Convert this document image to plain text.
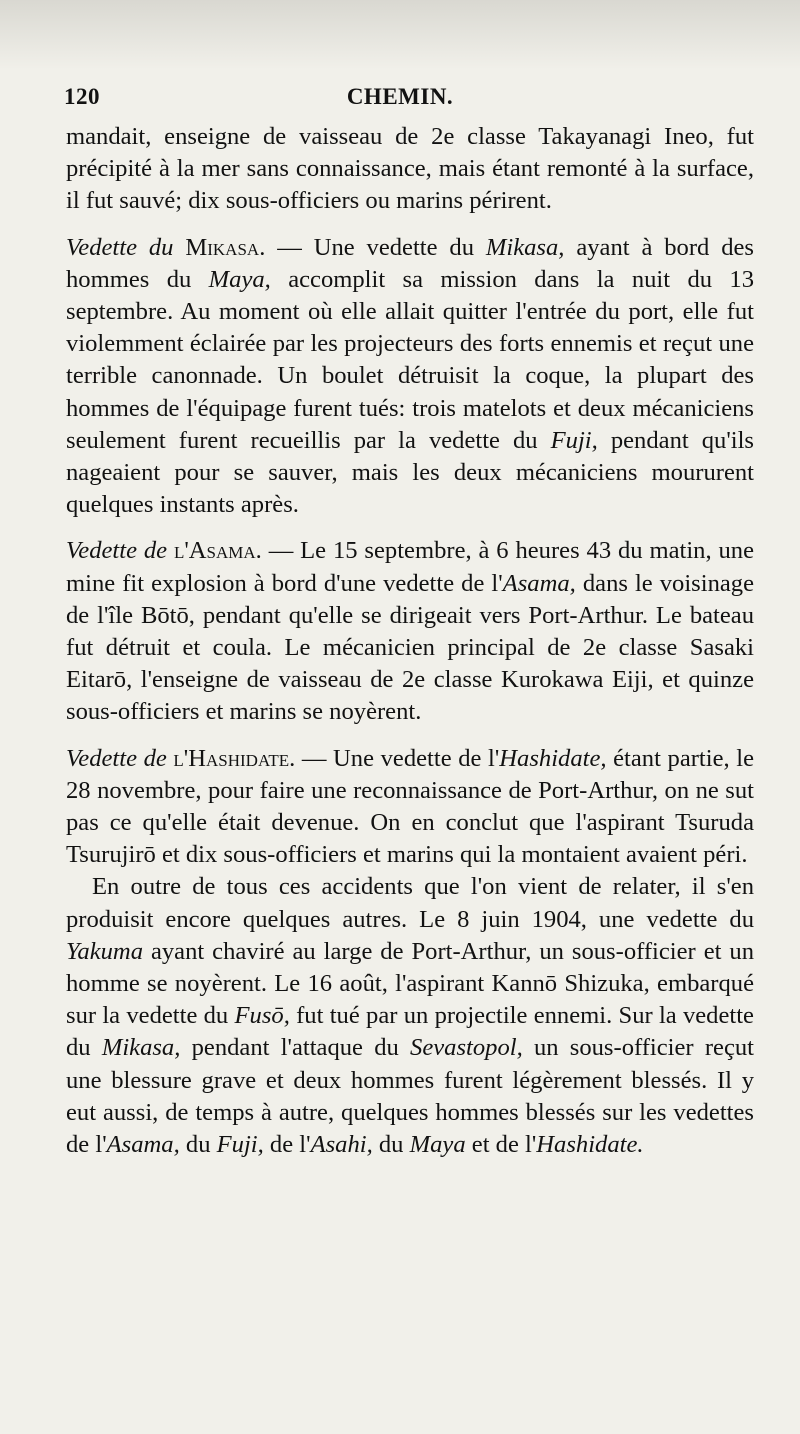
120	CHEMIN.

mandait, enseigne de vaisseau de 2e classe Takayanagi Ineo, fut précipité à la mer sans connaissance, mais étant remonté à la surface, il fut sauvé; dix sous-officiers ou marins périrent.

Vedette du Mikasa. — Une vedette du Mikasa, ayant à bord des hommes du Maya, accomplit sa mission dans la nuit du 13 septembre. Au moment où elle allait quitter l'entrée du port, elle fut violemment éclairée par les projecteurs des forts ennemis et reçut une terrible canonnade. Un boulet détruisit la coque, la plupart des hommes de l'équipage furent tués: trois matelots et deux mécaniciens seulement furent recueillis par la vedette du Fuji, pendant qu'ils nageaient pour se sauver, mais les deux mécaniciens moururent quelques instants après.

Vedette de l'Asama. — Le 15 septembre, à 6 heures 43 du matin, une mine fit explosion à bord d'une vedette de l'Asama, dans le voisinage de l'île Bōtō, pendant qu'elle se dirigeait vers Port-Arthur. Le bateau fut détruit et coula. Le mécanicien principal de 2e classe Sasaki Eitarō, l'enseigne de vaisseau de 2e classe Kurokawa Eiji, et quinze sous-officiers et marins se noyèrent.

Vedette de l'Hashidate. — Une vedette de l'Hashidate, étant partie, le 28 novembre, pour faire une reconnaissance de Port-Arthur, on ne sut pas ce qu'elle était devenue. On en conclut que l'aspirant Tsuruda Tsurujirō et dix sous-officiers et marins qui la montaient avaient péri.

En outre de tous ces accidents que l'on vient de relater, il s'en produisit encore quelques autres. Le 8 juin 1904, une vedette du Yakuma ayant chaviré au large de Port-Arthur, un sous-officier et un homme se noyèrent. Le 16 août, l'aspirant Kannō Shizuka, embarqué sur la vedette du Fusō, fut tué par un projectile ennemi. Sur la vedette du Mikasa, pendant l'attaque du Sevastopol, un sous-officier reçut une blessure grave et deux hommes furent légèrement blessés. Il y eut aussi, de temps à autre, quelques hommes blessés sur les vedettes de l'Asama, du Fuji, de l'Asahi, du Maya et de l'Hashidate.
